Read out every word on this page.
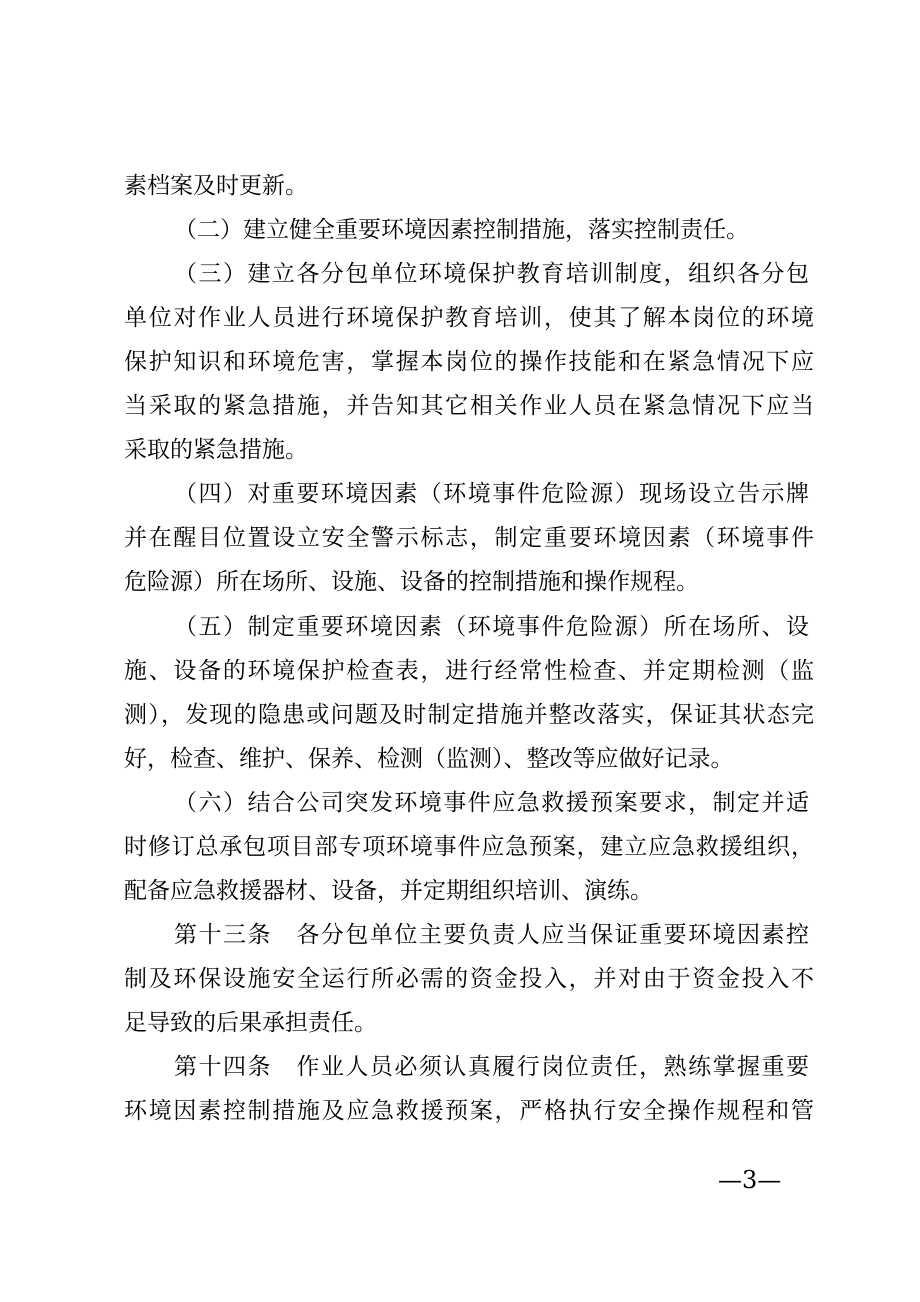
素档案及时更新。
（二）建立健全重要环境因素控制措施，落实控制责任。
（三）建立各分包单位环境保护教育培训制度，组织各分包
单位对作业人员进行环境保护教育培训，使其了解本岗位的环境
保护知识和环境危害，掌握本岗位的操作技能和在紧急情况下应
当采取的紧急措施，并告知其它相关作业人员在紧急情况下应当
采取的紧急措施。
（四）对重要环境因素（环境事件危险源）现场设立告示牌
并在醒目位置设立安全警示标志，制定重要环境因素（环境事件
危险源）所在场所、设施、设备的控制措施和操作规程。
（五）制定重要环境因素（环境事件危险源）所在场所、设
施、设备的环境保护检查表，进行经常性检查、并定期检测（监
测），发现的隐患或问题及时制定措施并整改落实，保证其状态完
好，检查、维护、保养、检测（监测）、整改等应做好记录。
（六）结合公司突发环境事件应急救援预案要求，制定并适
时修订总承包项目部专项环境事件应急预案，建立应急救援组织，
配备应急救援器材、设备，并定期组织培训、演练。
第十三条　各分包单位主要负责人应当保证重要环境因素控
制及环保设施安全运行所必需的资金投入，并对由于资金投入不
足导致的后果承担责任。
第十四条　作业人员必须认真履行岗位责任，熟练掌握重要
环境因素控制措施及应急救援预案，严格执行安全操作规程和管
—3—
